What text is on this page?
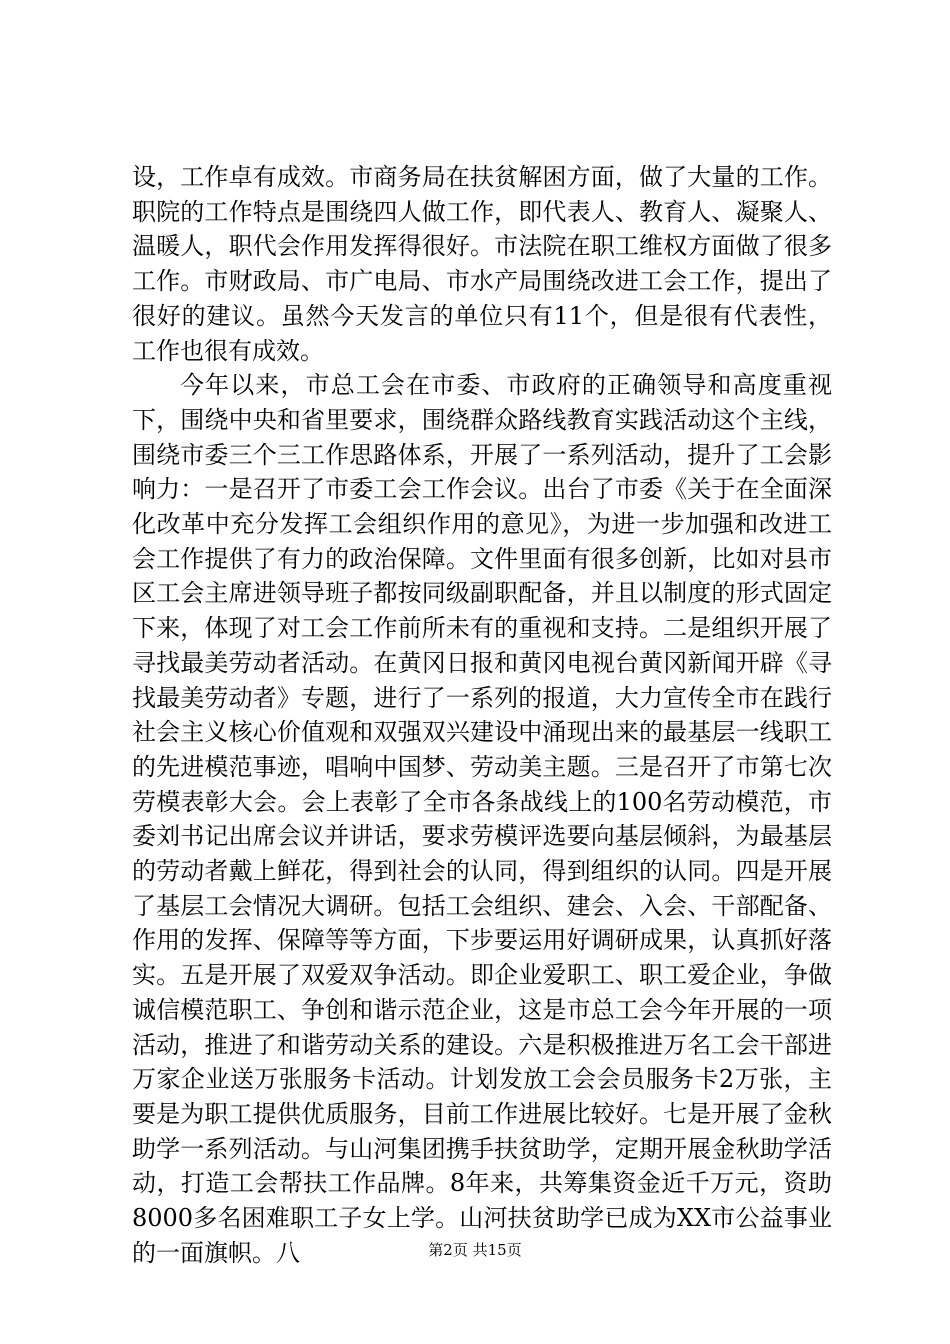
设，工作卓有成效。市商务局在扶贫解困方面，做了大量的工作。职院的工作特点是围绕四人做工作，即代表人、教育人、凝聚人、温暖人，职代会作用发挥得很好。市法院在职工维权方面做了很多工作。市财政局、市广电局、市水产局围绕改进工会工作，提出了很好的建议。虽然今天发言的单位只有11个，但是很有代表性，工作也很有成效。

今年以来，市总工会在市委、市政府的正确领导和高度重视下，围绕中央和省里要求，围绕群众路线教育实践活动这个主线，围绕市委三个三工作思路体系，开展了一系列活动，提升了工会影响力：一是召开了市委工会工作会议。出台了市委《关于在全面深化改革中充分发挥工会组织作用的意见》，为进一步加强和改进工会工作提供了有力的政治保障。文件里面有很多创新，比如对县市区工会主席进领导班子都按同级副职配备，并且以制度的形式固定下来，体现了对工会工作前所未有的重视和支持。二是组织开展了寻找最美劳动者活动。在黄冈日报和黄冈电视台黄冈新闻开辟《寻找最美劳动者》专题，进行了一系列的报道，大力宣传全市在践行社会主义核心价值观和双强双兴建设中涌现出来的最基层一线职工的先进模范事迹，唱响中国梦、劳动美主题。三是召开了市第七次劳模表彰大会。会上表彰了全市各条战线上的100名劳动模范，市委刘书记出席会议并讲话，要求劳模评选要向基层倾斜，为最基层的劳动者戴上鲜花，得到社会的认同，得到组织的认同。四是开展了基层工会情况大调研。包括工会组织、建会、入会、干部配备、作用的发挥、保障等等方面，下步要运用好调研成果，认真抓好落实。五是开展了双爱双争活动。即企业爱职工、职工爱企业，争做诚信模范职工、争创和谐示范企业，这是市总工会今年开展的一项活动，推进了和谐劳动关系的建设。六是积极推进万名工会干部进万家企业送万张服务卡活动。计划发放工会会员服务卡2万张，主要是为职工提供优质服务，目前工作进展比较好。七是开展了金秋助学一系列活动。与山河集团携手扶贫助学，定期开展金秋助学活动，打造工会帮扶工作品牌。8年来，共筹集资金近千万元，资助8000多名困难职工子女上学。山河扶贫助学已成为XX市公益事业的一面旗帜。八	第2页 共15页
